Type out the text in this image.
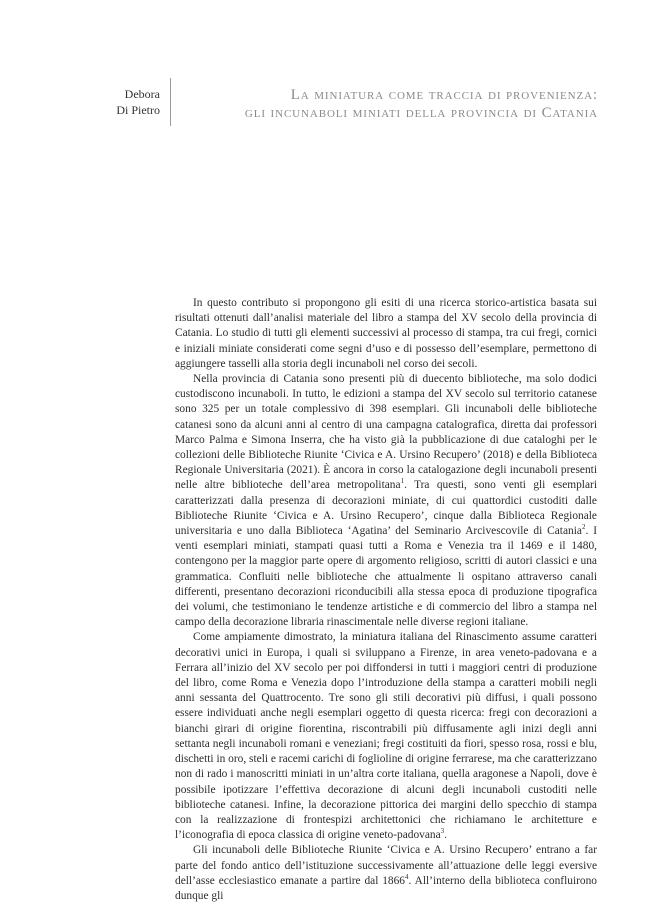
Debora
Di Pietro
La miniatura come traccia di provenienza:
gli incunaboli miniati della provincia di Catania

In questo contributo si propongono gli esiti di una ricerca storico-artistica basata sui risultati ottenuti dall’analisi materiale del libro a stampa del XV secolo della provincia di Catania. Lo studio di tutti gli elementi successivi al processo di stampa, tra cui fregi, cornici e iniziali miniate considerati come segni d’uso e di possesso dell’esemplare, permettono di aggiungere tasselli alla storia degli incunaboli nel corso dei secoli.

Nella provincia di Catania sono presenti più di duecento biblioteche, ma solo dodici custodiscono incunaboli. In tutto, le edizioni a stampa del XV secolo sul territorio catanese sono 325 per un totale complessivo di 398 esemplari. Gli incunaboli delle biblioteche catanesi sono da alcuni anni al centro di una campagna catalografica, diretta dai professori Marco Palma e Simona Inserra, che ha visto già la pubblicazione di due cataloghi per le collezioni delle Biblioteche Riunite ‘Civica e A. Ursino Recupero’ (2018) e della Biblioteca Regionale Universitaria (2021). È ancora in corso la catalogazione degli incunaboli presenti nelle altre biblioteche dell’area metropolitana$^1$. Tra questi, sono venti gli esemplari caratterizzati dalla presenza di decorazioni miniate, di cui quattordici custoditi dalle Biblioteche Riunite ‘Civica e A. Ursino Recupero’, cinque dalla Biblioteca Regionale universitaria e uno dalla Biblioteca ‘Agatina’ del Seminario Arcivescovile di Catania$^2$. I venti esemplari miniati, stampati quasi tutti a Roma e Venezia tra il 1469 e il 1480, contengono per la maggior parte opere di argomento religioso, scritti di autori classici e una grammatica. Confluiti nelle biblioteche che attualmente li ospitano attraverso canali differenti, presentano decorazioni riconducibili alla stessa epoca di produzione tipografica dei volumi, che testimoniano le tendenze artistiche e di commercio del libro a stampa nel campo della decorazione libraria rinascimentale nelle diverse regioni italiane.

Come ampiamente dimostrato, la miniatura italiana del Rinascimento assume caratteri decorativi unici in Europa, i quali si sviluppano a Firenze, in area veneto-padovana e a Ferrara all’inizio del XV secolo per poi diffondersi in tutti i maggiori centri di produzione del libro, come Roma e Venezia dopo l’introduzione della stampa a caratteri mobili negli anni sessanta del Quattrocento. Tre sono gli stili decorativi più diffusi, i quali possono essere individuati anche negli esemplari oggetto di questa ricerca: fregi con decorazioni a bianchi girari di origine fiorentina, riscontrabili più diffusamente agli inizi degli anni settanta negli incunaboli romani e veneziani; fregi costituiti da fiori, spesso rosa, rossi e blu, dischetti in oro, steli e racemi carichi di foglioline di origine ferrarese, ma che caratterizzano non di rado i manoscritti miniati in un’altra corte italiana, quella aragonese a Napoli, dove è possibile ipotizzare l’effettiva decorazione di alcuni degli incunaboli custoditi nelle biblioteche catanesi. Infine, la decorazione pittorica dei margini dello specchio di stampa con la realizzazione di frontespizi architettonici che richiamano le architetture e l’iconografia di epoca classica di origine veneto-padovana$^3$.

Gli incunaboli delle Biblioteche Riunite ‘Civica e A. Ursino Recupero’ entrano a far parte del fondo antico dell’istituzione successivamente all’attuazione delle leggi eversive dell’asse ecclesiastico emanate a partire dal 1866$^4$. All’interno della biblioteca confluirono dunque gli
